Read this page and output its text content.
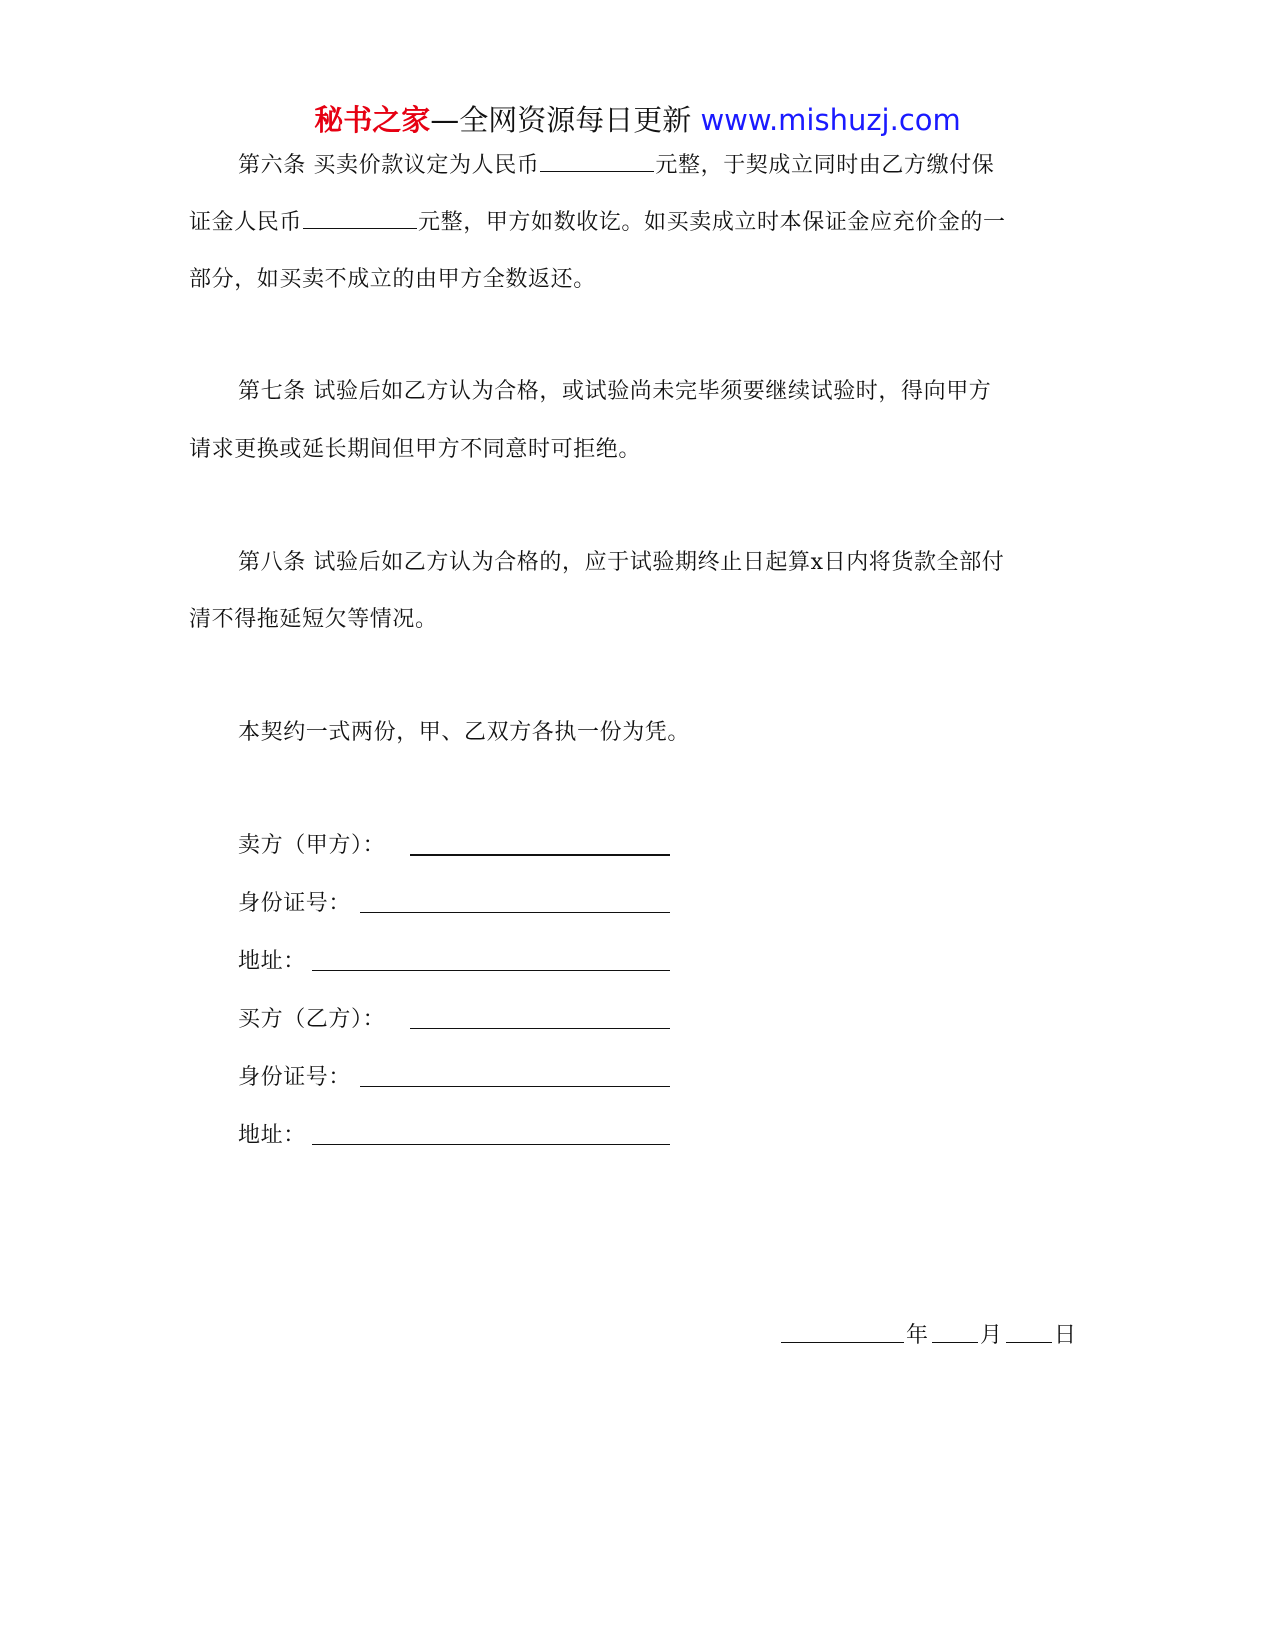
秘书之家—全网资源每日更新 www.mishuzj.com
第六条 买卖价款议定为人民币	元整，于契成立同时由乙方缴付保
证金人民币	元整，甲方如数收讫。如买卖成立时本保证金应充价金的一
部分，如买卖不成立的由甲方全数返还。
第七条 试验后如乙方认为合格，或试验尚未完毕须要继续试验时，得向甲方
请求更换或延长期间但甲方不同意时可拒绝。
第八条 试验后如乙方认为合格的，应于试验期终止日起算x日内将货款全部付
清不得拖延短欠等情况。
本契约一式两份，甲、乙双方各执一份为凭。
卖方（甲方）：
身份证号：
地址：
买方（乙方）：
身份证号：
地址：
年 月 日
